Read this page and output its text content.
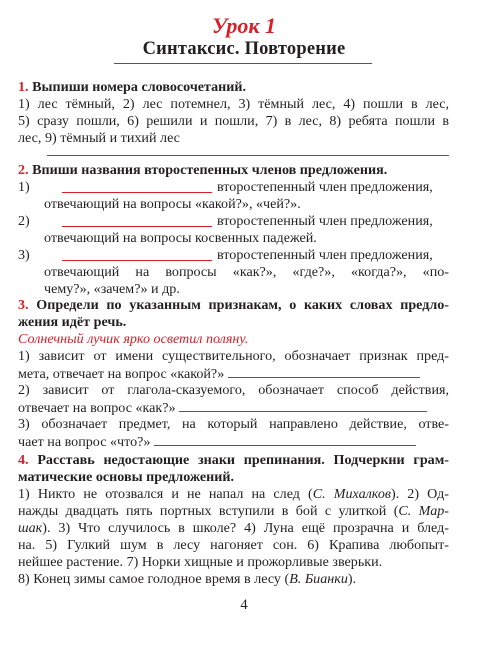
Урок 1
Синтаксис. Повторение
1. Выпиши номера словосочетаний.
1) лес тёмный, 2) лес потемнел, 3) тёмный лес, 4) пошли в лес,
5) сразу пошли, 6) решили и пошли, 7) в лес, 8) ребята пошли в
лес, 9) тёмный и тихий лес
2. Впиши названия второстепенных членов предложения.
1)	второстепенный член предложения,
отвечающий на вопросы «какой?», «чей?».
2)	второстепенный член предложения,
отвечающий на вопросы косвенных падежей.
3)	второстепенный член предложения,
отвечающий на вопросы «как?», «где?», «когда?», «по-
чему?», «зачем?» и др.
3. Определи по указанным признакам, о каких словах предло-
жения идёт речь.
Солнечный лучик ярко осветил поляну.
1) зависит от имени существительного, обозначает признак пред-
мета, отвечает на вопрос «какой?»
2) зависит от глагола-сказуемого, обозначает способ действия,
отвечает на вопрос «как?»
3) обозначает предмет, на который направлено действие, отве-
чает на вопрос «что?»
4. Расставь недостающие знаки препинания. Подчеркни грам-
матические основы предложений.
1) Никто не отозвался и не напал на след (С. Михалков). 2) Од-
нажды двадцать пять портных вступили в бой с улиткой (С. Мар-
шак). 3) Что случилось в школе? 4) Луна ещё прозрачна и блед-
на. 5) Гулкий шум в лесу нагоняет сон. 6) Крапива любопыт-
нейшее растение. 7) Норки хищные и прожорливые зверьки.
8) Конец зимы самое голодное время в лесу (В. Бианки).
4
